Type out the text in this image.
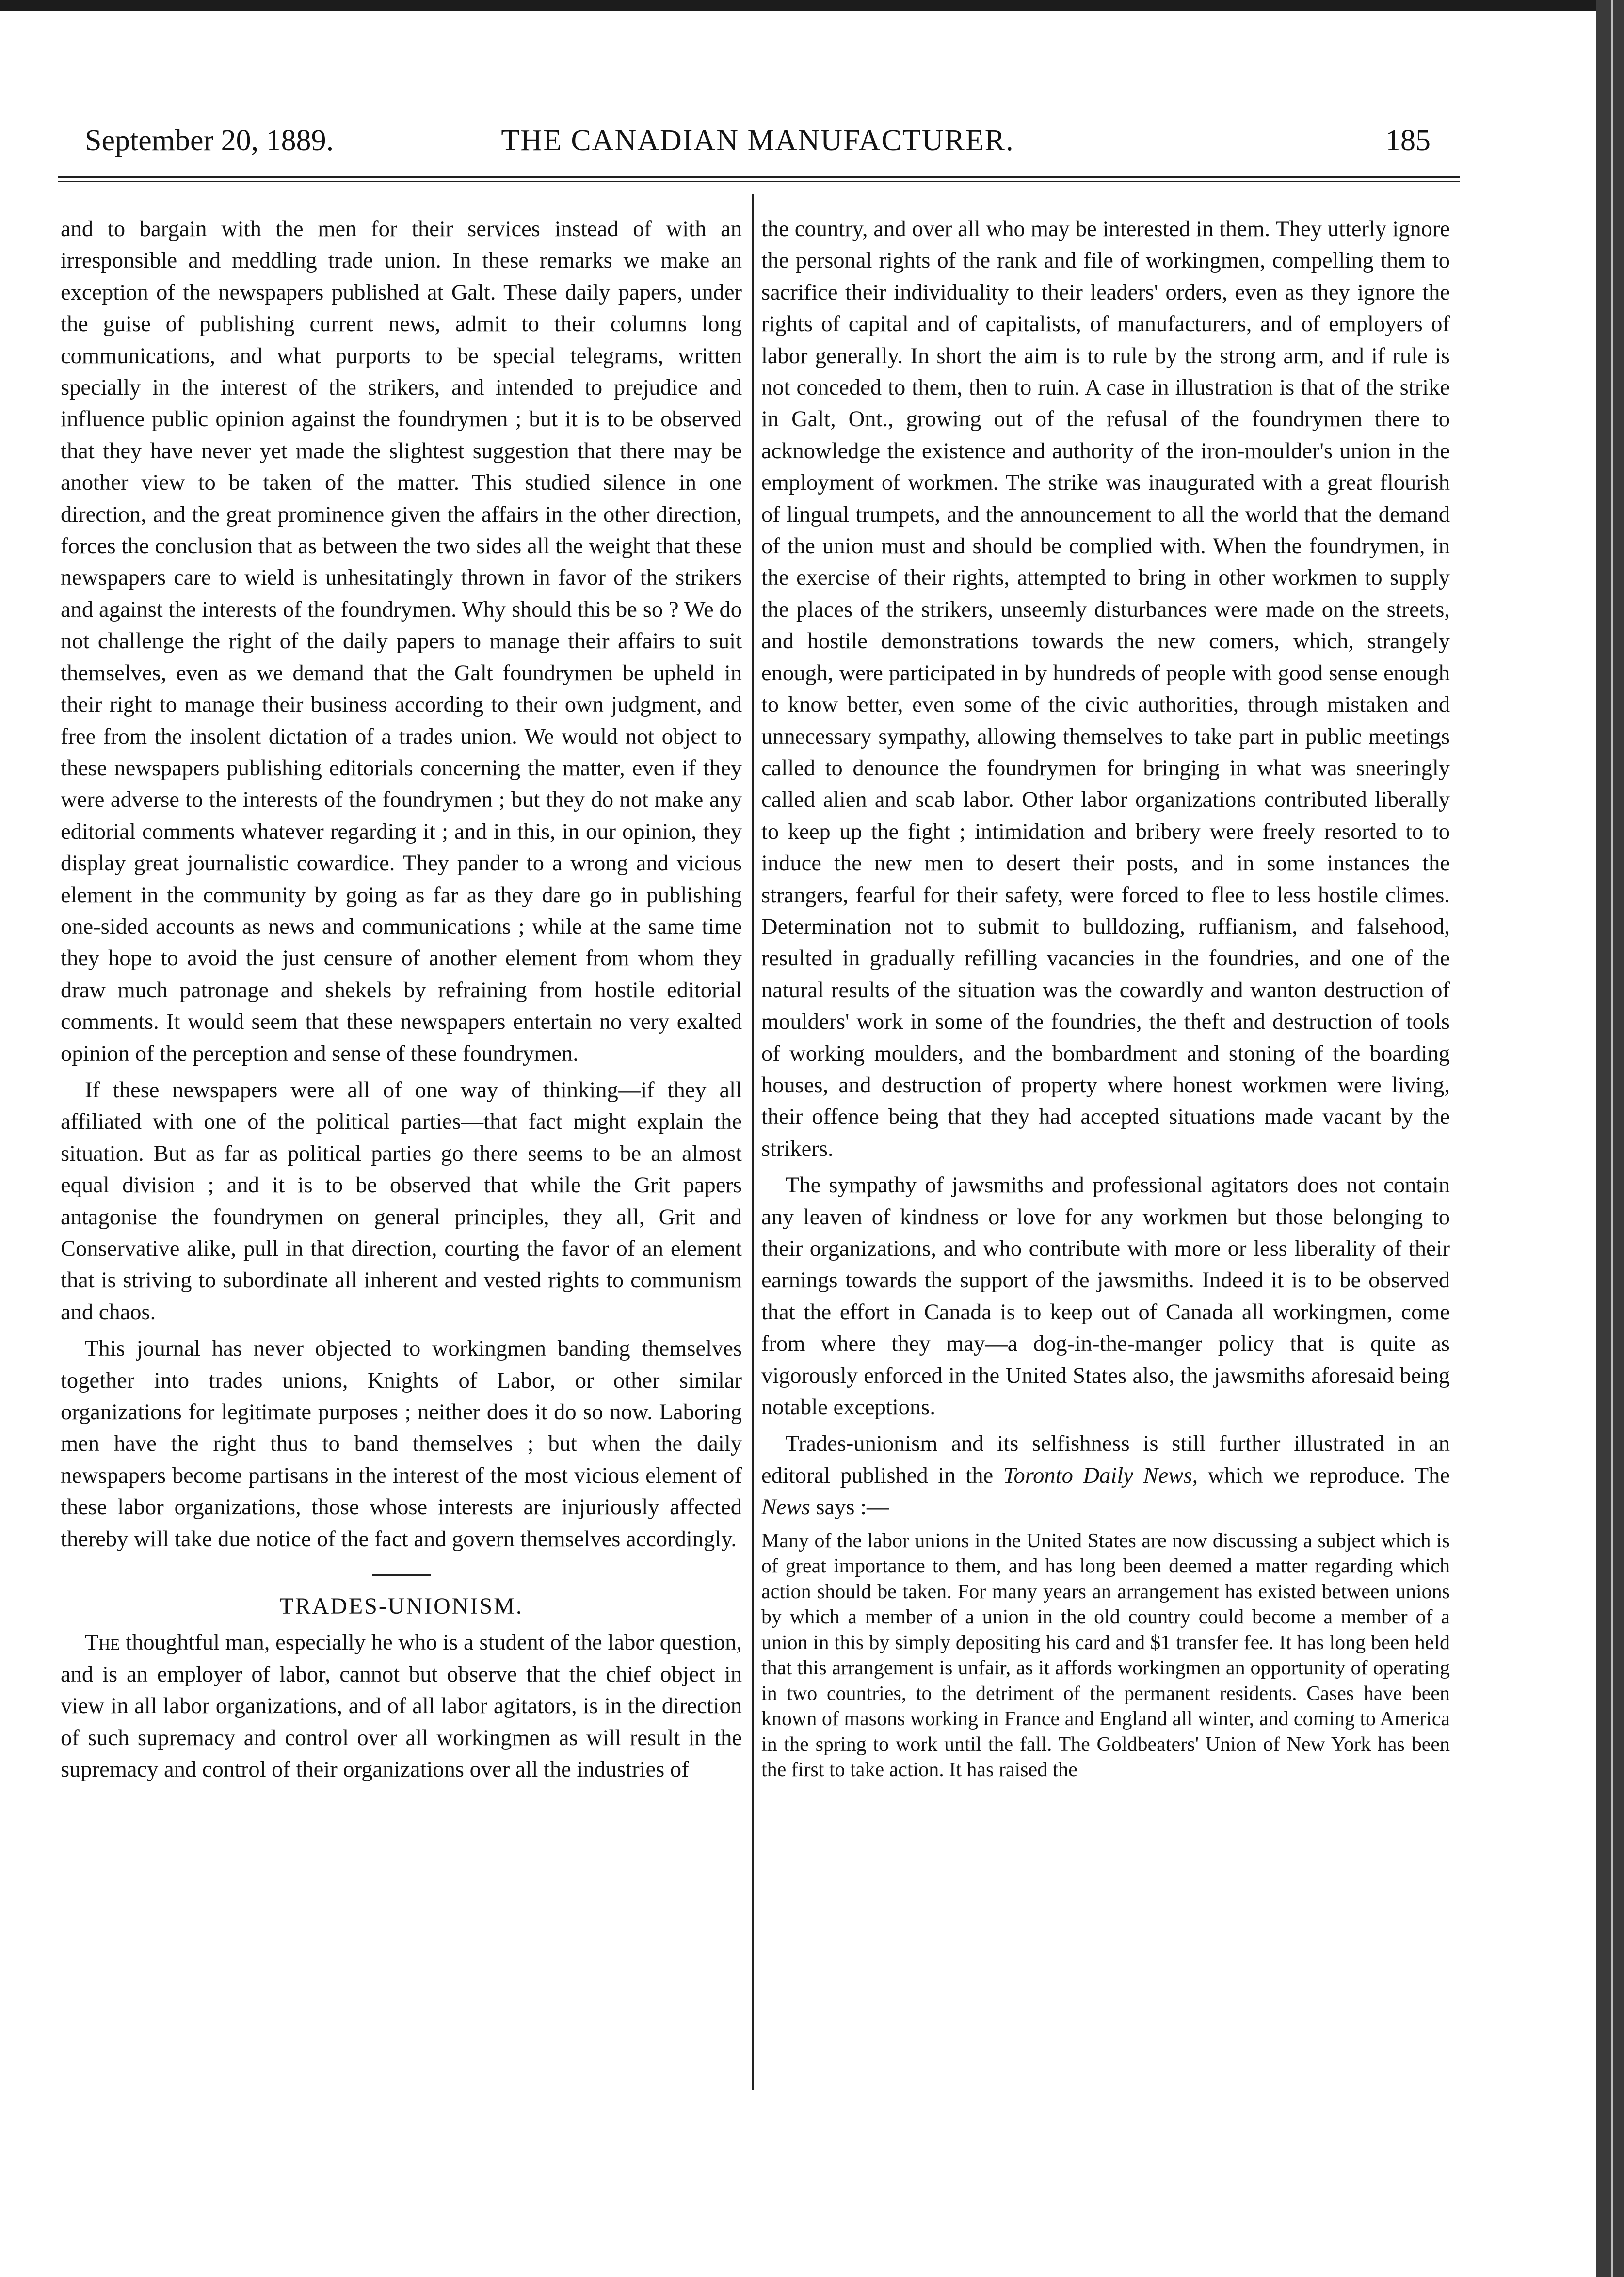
September 20, 1889.	THE CANADIAN MANUFACTURER.	185

and to bargain with the men for their services instead of with an irresponsible and meddling trade union. In these remarks we make an exception of the newspapers published at Galt. These daily papers, under the guise of publishing current news, admit to their columns long communications, and what purports to be special telegrams, written specially in the interest of the strikers, and intended to prejudice and influence public opinion against the foundrymen ; but it is to be observed that they have never yet made the slightest suggestion that there may be another view to be taken of the matter. This studied silence in one direction, and the great prominence given the affairs in the other direction, forces the conclusion that as between the two sides all the weight that these newspapers care to wield is unhesitatingly thrown in favor of the strikers and against the interests of the foundrymen. Why should this be so ? We do not challenge the right of the daily papers to manage their affairs to suit themselves, even as we demand that the Galt foundrymen be upheld in their right to manage their business according to their own judgment, and free from the insolent dictation of a trades union. We would not object to these newspapers publishing editorials concerning the matter, even if they were adverse to the interests of the foundrymen ; but they do not make any editorial comments whatever regarding it ; and in this, in our opinion, they display great journalistic cowardice. They pander to a wrong and vicious element in the community by going as far as they dare go in publishing one-sided accounts as news and communications ; while at the same time they hope to avoid the just censure of another element from whom they draw much patronage and shekels by refraining from hostile editorial comments. It would seem that these newspapers entertain no very exalted opinion of the perception and sense of these foundrymen.

If these newspapers were all of one way of thinking—if they all affiliated with one of the political parties—that fact might explain the situation. But as far as political parties go there seems to be an almost equal division ; and it is to be observed that while the Grit papers antagonise the foundrymen on general principles, they all, Grit and Conservative alike, pull in that direction, courting the favor of an element that is striving to subordinate all inherent and vested rights to communism and chaos.

This journal has never objected to workingmen banding themselves together into trades unions, Knights of Labor, or other similar organizations for legitimate purposes ; neither does it do so now. Laboring men have the right thus to band themselves ; but when the daily newspapers become partisans in the interest of the most vicious element of these labor organizations, those whose interests are injuriously affected thereby will take due notice of the fact and govern themselves accordingly.

TRADES-UNIONISM.

The thoughtful man, especially he who is a student of the labor question, and is an employer of labor, cannot but observe that the chief object in view in all labor organizations, and of all labor agitators, is in the direction of such supremacy and control over all workingmen as will result in the supremacy and control of their organizations over all the industries of

the country, and over all who may be interested in them. They utterly ignore the personal rights of the rank and file of workingmen, compelling them to sacrifice their individuality to their leaders' orders, even as they ignore the rights of capital and of capitalists, of manufacturers, and of employers of labor generally. In short the aim is to rule by the strong arm, and if rule is not conceded to them, then to ruin. A case in illustration is that of the strike in Galt, Ont., growing out of the refusal of the foundrymen there to acknowledge the existence and authority of the iron-moulder's union in the employment of workmen. The strike was inaugurated with a great flourish of lingual trumpets, and the announcement to all the world that the demand of the union must and should be complied with. When the foundrymen, in the exercise of their rights, attempted to bring in other workmen to supply the places of the strikers, unseemly disturbances were made on the streets, and hostile demonstrations towards the new comers, which, strangely enough, were participated in by hundreds of people with good sense enough to know better, even some of the civic authorities, through mistaken and unnecessary sympathy, allowing themselves to take part in public meetings called to denounce the foundrymen for bringing in what was sneeringly called alien and scab labor. Other labor organizations contributed liberally to keep up the fight ; intimidation and bribery were freely resorted to to induce the new men to desert their posts, and in some instances the strangers, fearful for their safety, were forced to flee to less hostile climes. Determination not to submit to bulldozing, ruffianism, and falsehood, resulted in gradually refilling vacancies in the foundries, and one of the natural results of the situation was the cowardly and wanton destruction of moulders' work in some of the foundries, the theft and destruction of tools of working moulders, and the bombardment and stoning of the boarding houses, and destruction of property where honest workmen were living, their offence being that they had accepted situations made vacant by the strikers.

The sympathy of jawsmiths and professional agitators does not contain any leaven of kindness or love for any workmen but those belonging to their organizations, and who contribute with more or less liberality of their earnings towards the support of the jawsmiths. Indeed it is to be observed that the effort in Canada is to keep out of Canada all workingmen, come from where they may—a dog-in-the-manger policy that is quite as vigorously enforced in the United States also, the jawsmiths aforesaid being notable exceptions.

Trades-unionism and its selfishness is still further illustrated in an editoral published in the Toronto Daily News, which we reproduce. The News says :—

Many of the labor unions in the United States are now discussing a subject which is of great importance to them, and has long been deemed a matter regarding which action should be taken. For many years an arrangement has existed between unions by which a member of a union in the old country could become a member of a union in this by simply depositing his card and $1 transfer fee. It has long been held that this arrangement is unfair, as it affords workingmen an opportunity of operating in two countries, to the detriment of the permanent residents. Cases have been known of masons working in France and England all winter, and coming to America in the spring to work until the fall. The Goldbeaters' Union of New York has been the first to take action. It has raised the
